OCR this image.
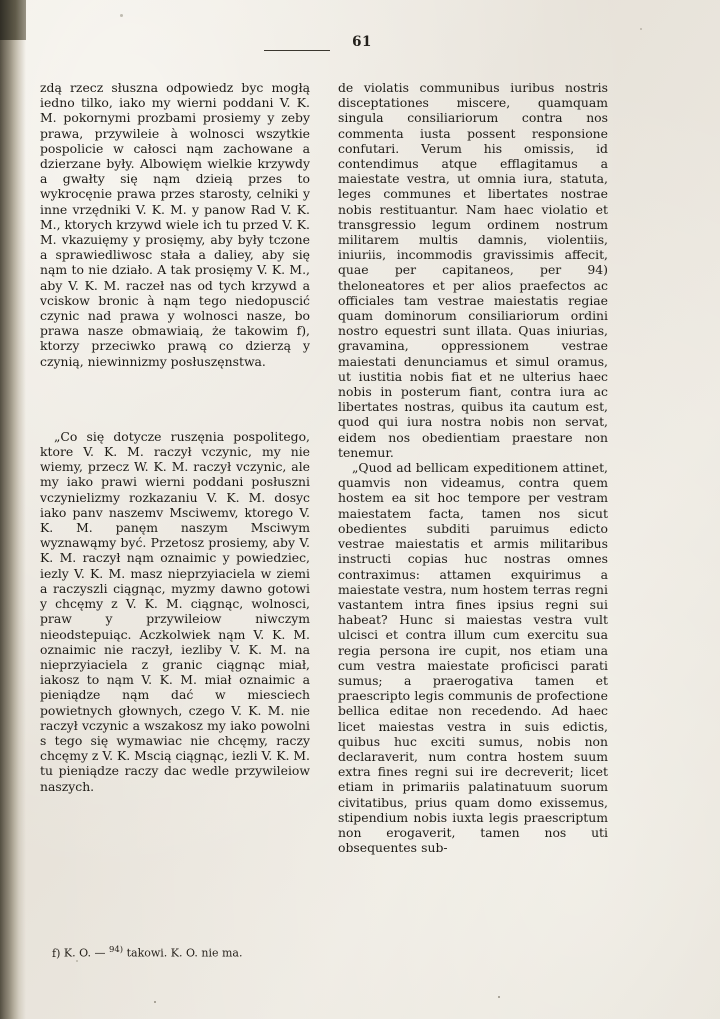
61

zdą rzecz słuszna odpowiedz byc mogłą iedno tilko, iako my wierni poddani V. K. M. pokornymi prozbami prosiemy y zeby prawa, przywileie à wolnosci wszytkie pospolicie w całosci nąm zachowane a dzierzane były. Albowięm wielkie krzywdy a gwałty się nąm dzieią przes to wykrocęnie prawa przes starosty, celniki y inne vrzędniki V. K. M. y panow Rad V. K. M., ktorych krzywd wiele ich tu przed V. K. M. vkazuięmy y prosięmy, aby były tczone a sprawiedliwosc stała a daliey, aby się nąm to nie działo. A tak prosięmy V. K. M., aby V. K. M. raczeł nas od tych krzywd a vciskow bronic à nąm tego niedopuscić czynic nad prawa y wolnosci nasze, bo prawa nasze obmawiaią, że takowim f), ktorzy przeciwko prawą co dzierzą y czynią, niewinnizmy posłuszęnstwa.

„Co się dotycze ruszęnia pospolitego, ktore V. K. M. raczył vczynic, my nie wiemy, przecz W. K. M. raczył vczynic, ale my iako prawi wierni poddani posłuszni vczynielizmy rozkazaniu V. K. M. dosyc iako panv naszemv Msciwemv, ktorego V. K. M. panęm naszym Msciwym wyznawąmy być. Przetosz prosiemy, aby V. K. M. raczył nąm oznaimic y powiedziec, iezly V. K. M. masz nieprzyiaciela w ziemi a raczyszli ciągnąc, myzmy dawno gotowi y chcęmy z V. K. M. ciągnąc, wolnosci, praw y przywileiow niwczym nieodstepuiąc. Aczkolwiek nąm V. K. M. oznaimic nie raczył, iezliby V. K. M. na nieprzyiaciela z granic ciągnąc miał, iakosz to nąm V. K. M. miał oznaimic a pieniądze nąm dać w miesciech powietnych głownych, czego V. K. M. nie raczył vczynic a wszakosz my iako powolni s tego się wymawiac nie chcęmy, raczy chcęmy z V. K. Mscią ciągnąc, iezli V. K. M. tu pieniądze raczy dac wedle przywileiow naszych.

de violatis communibus iuribus nostris disceptationes miscere, quamquam singula consiliariorum contra nos commenta iusta possent responsione confutari. Verum his omissis, id contendimus atque efflagitamus a maiestate vestra, ut omnia iura, statuta, leges communes et libertates nostrae nobis restituantur. Nam haec violatio et transgressio legum ordinem nostrum militarem multis damnis, violentiis, iniuriis, incommodis gravissimis affecit, quae per capitaneos, per 94) theloneatores et per alios praefectos ac officiales tam vestrae maiestatis regiae quam dominorum consiliariorum ordini nostro equestri sunt illata. Quas iniurias, gravamina, oppressionem vestrae maiestati denunciamus et simul oramus, ut iustitia nobis fiat et ne ulterius haec nobis in posterum fiant, contra iura ac libertates nostras, quibus ita cautum est, quod qui iura nostra nobis non servat, eidem nos obedientiam praestare non tenemur.

„Quod ad bellicam expeditionem attinet, quamvis non videamus, contra quem hostem ea sit hoc tempore per vestram maiestatem facta, tamen nos sicut obedientes subditi paruimus edicto vestrae maiestatis et armis militaribus instructi copias huc nostras omnes contraximus: attamen exquirimus a maiestate vestra, num hostem terras regni vastantem intra fines ipsius regni sui habeat? Hunc si maiestas vestra vult ulcisci et contra illum cum exercitu sua regia persona ire cupit, nos etiam una cum vestra maiestate proficisci parati sumus; a praerogativa tamen et praescripto legis communis de profectione bellica editae non recedendo. Ad haec licet maiestas vestra in suis edictis, quibus huc exciti sumus, nobis non declaraverit, num contra hostem suum extra fines regni sui ire decreverit; licet etiam in primariis palatinatuum suorum civitatibus, prius quam domo exissemus, stipendium nobis iuxta legis praescriptum non erogaverit, tamen nos uti obsequentes sub-

f) K. O. — $^{94)}$ takowi. K. O. nie ma.
